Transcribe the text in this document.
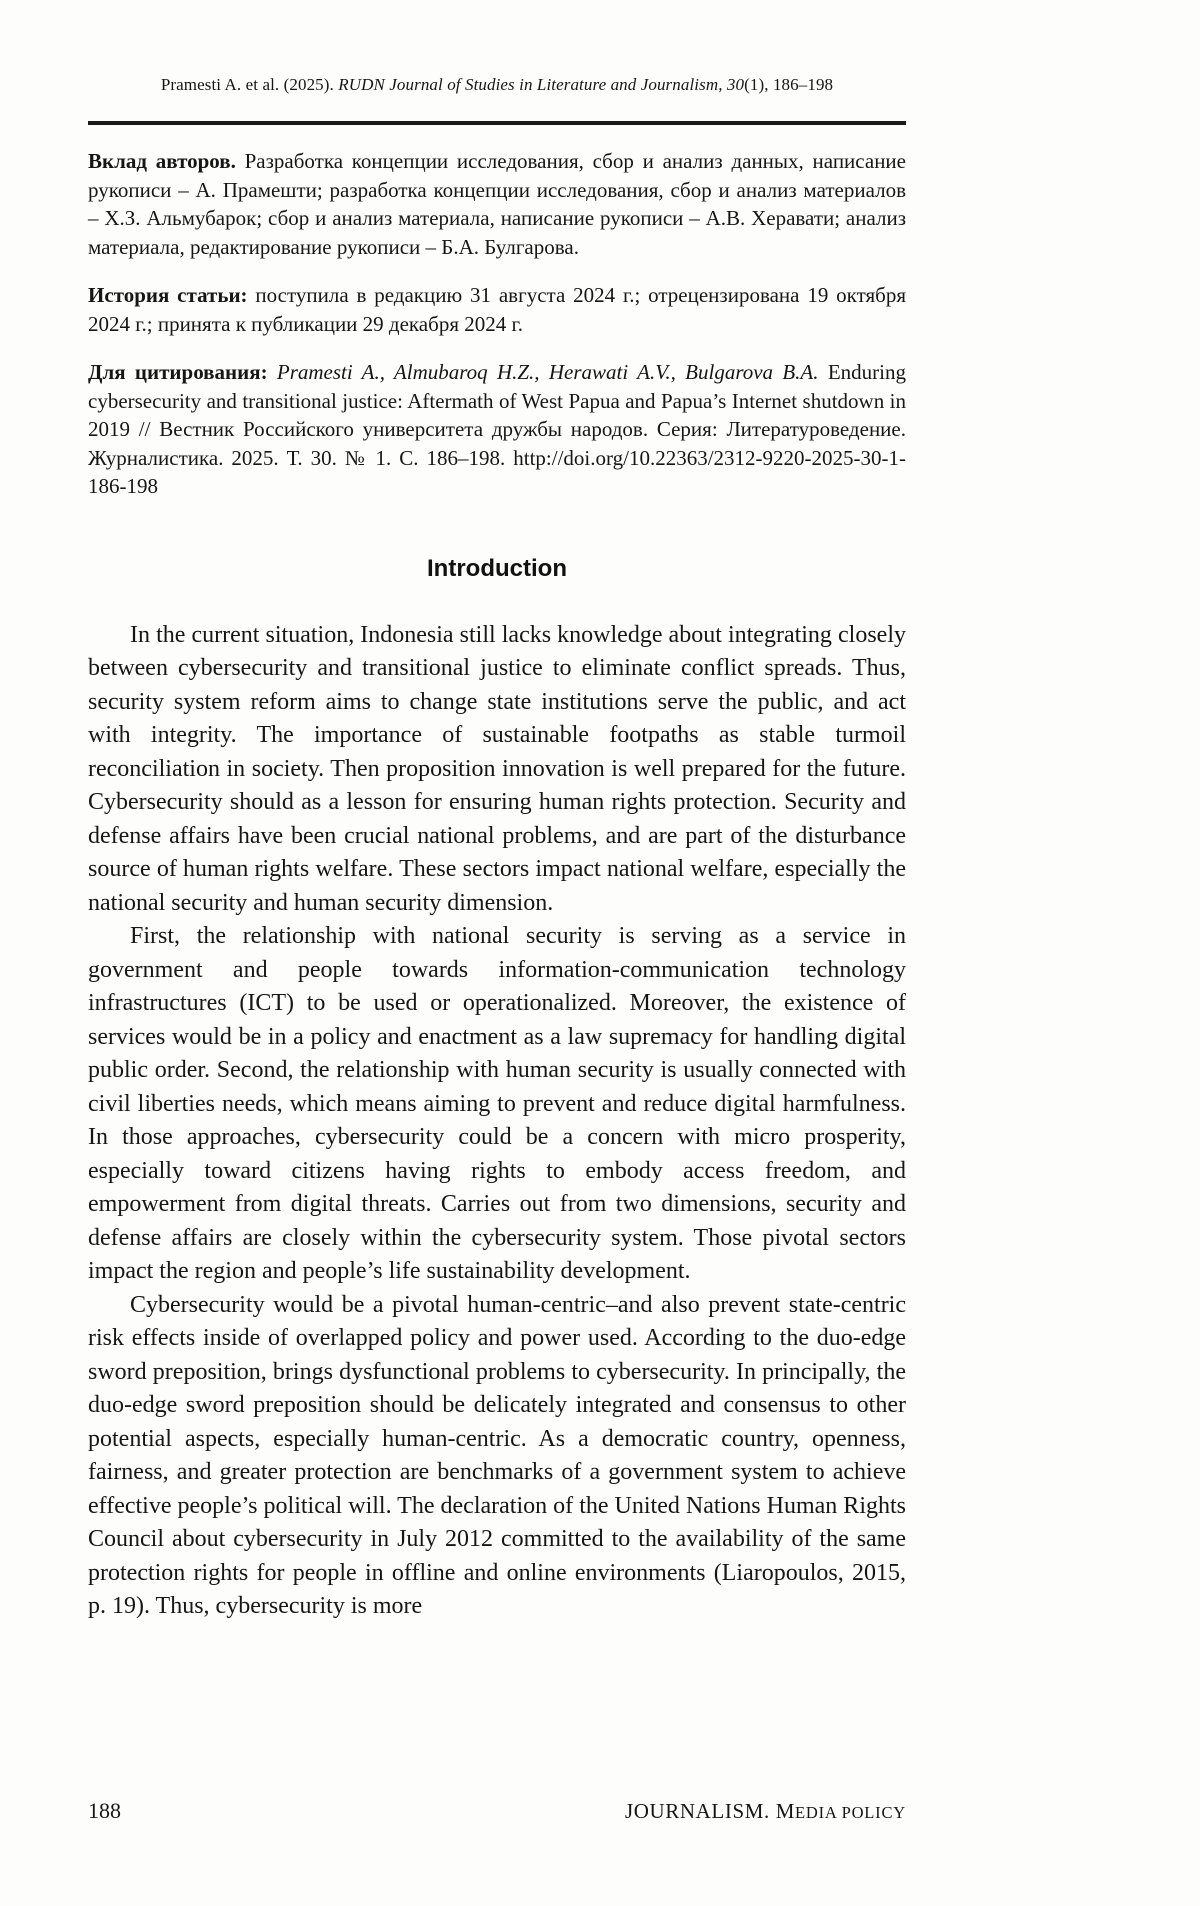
Pramesti A. et al. (2025). RUDN Journal of Studies in Literature and Journalism, 30(1), 186–198

Вклад авторов. Разработка концепции исследования, сбор и анализ данных, написание рукописи – А. Прамешти; разработка концепции исследования, сбор и анализ материалов – Х.З. Альмубарок; сбор и анализ материала, написание рукописи – А.В. Херавати; анализ материала, редактирование рукописи – Б.А. Булгарова.

История статьи: поступила в редакцию 31 августа 2024 г.; отрецензирована 19 октября 2024 г.; принята к публикации 29 декабря 2024 г.

Для цитирования: Pramesti A., Almubaroq H.Z., Herawati A.V., Bulgarova B.A. Enduring cybersecurity and transitional justice: Aftermath of West Papua and Papua’s Internet shutdown in 2019 // Вестник Российского университета дружбы народов. Серия: Литературоведение. Журналистика. 2025. Т. 30. № 1. С. 186–198. http://doi.org/10.22363/2312-9220-2025-30-1-186-198

Introduction

In the current situation, Indonesia still lacks knowledge about integrating closely between cybersecurity and transitional justice to eliminate conflict spreads. Thus, security system reform aims to change state institutions serve the public, and act with integrity. The importance of sustainable footpaths as stable turmoil reconciliation in society. Then proposition innovation is well prepared for the future. Cybersecurity should as a lesson for ensuring human rights protection. Security and defense affairs have been crucial national problems, and are part of the disturbance source of human rights welfare. These sectors impact national welfare, especially the national security and human security dimension.

First, the relationship with national security is serving as a service in government and people towards information-communication technology infrastructures (ICT) to be used or operationalized. Moreover, the existence of services would be in a policy and enactment as a law supremacy for handling digital public order. Second, the relationship with human security is usually connected with civil liberties needs, which means aiming to prevent and reduce digital harmfulness. In those approaches, cybersecurity could be a concern with micro prosperity, especially toward citizens having rights to embody access freedom, and empowerment from digital threats. Carries out from two dimensions, security and defense affairs are closely within the cybersecurity system. Those pivotal sectors impact the region and people’s life sustainability development.

Cybersecurity would be a pivotal human-centric–and also prevent state-centric risk effects inside of overlapped policy and power used. According to the duo-edge sword preposition, brings dysfunctional problems to cybersecurity. In principally, the duo-edge sword preposition should be delicately integrated and consensus to other potential aspects, especially human-centric. As a democratic country, openness, fairness, and greater protection are benchmarks of a government system to achieve effective people’s political will. The declaration of the United Nations Human Rights Council about cybersecurity in July 2012 committed to the availability of the same protection rights for people in offline and online environments (Liaropoulos, 2015, p. 19). Thus, cybersecurity is more

188	JOURNALISM. MEDIA POLICY
